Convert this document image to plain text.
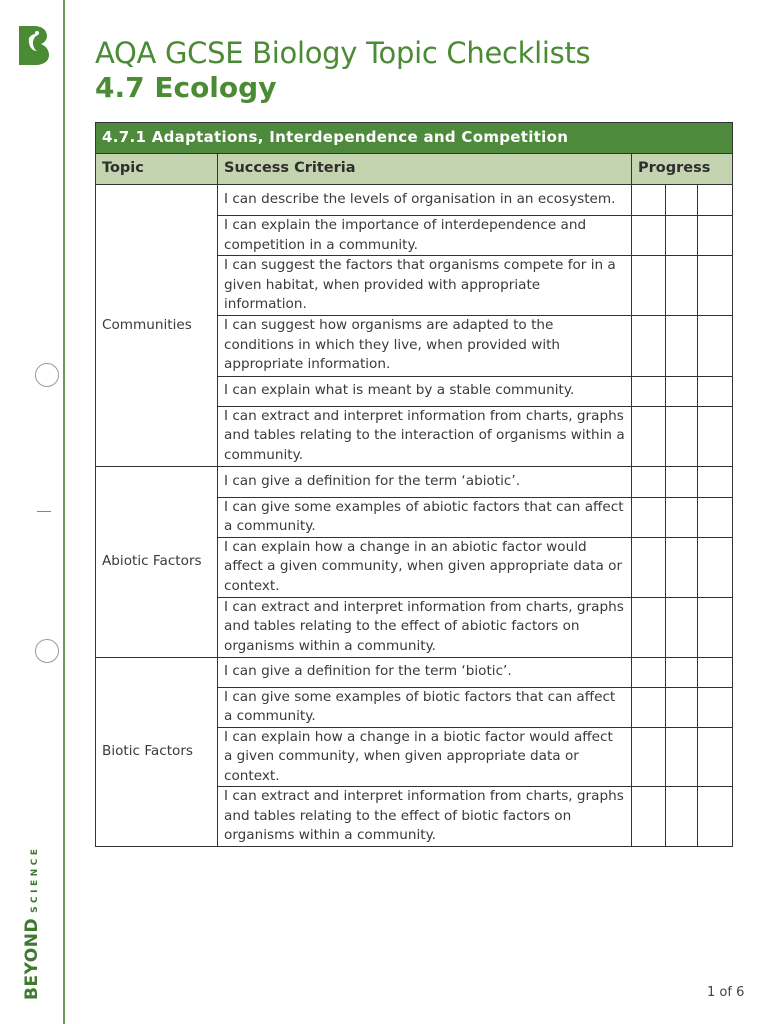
BEYONDSCIENCE
AQA GCSE Biology Topic Checklists
4.7 Ecology
4.7.1 Adaptations, Interdependence and Competition				
Topic	Success Criteria	Progress		
Communities	I can describe the levels of organisation in an ecosystem.			
	I can explain the importance of interdependence and competition in a community.			
	I can suggest the factors that organisms compete for in a given habitat, when provided with appropriate information.			
	I can suggest how organisms are adapted to the conditions in which they live, when provided with appropriate information.			
	I can explain what is meant by a stable community.			
	I can extract and interpret information from charts, graphs and tables relating to the interaction of organisms within a community.			
Abiotic Factors	I can give a definition for the term ‘abiotic’.			
	I can give some examples of abiotic factors that can affect a community.			
	I can explain how a change in an abiotic factor would affect a given community, when given appropriate data or context.			
	I can extract and interpret information from charts, graphs and tables relating to the effect of abiotic factors on organisms within a community.			
Biotic Factors	I can give a definition for the term ‘biotic’.			
	I can give some examples of biotic factors that can affect a community.			
	I can explain how a change in a biotic factor would affect a given community, when given appropriate data or context.			
	I can extract and interpret information from charts, graphs and tables relating to the effect of biotic factors on organisms within a community.			
1 of 6
